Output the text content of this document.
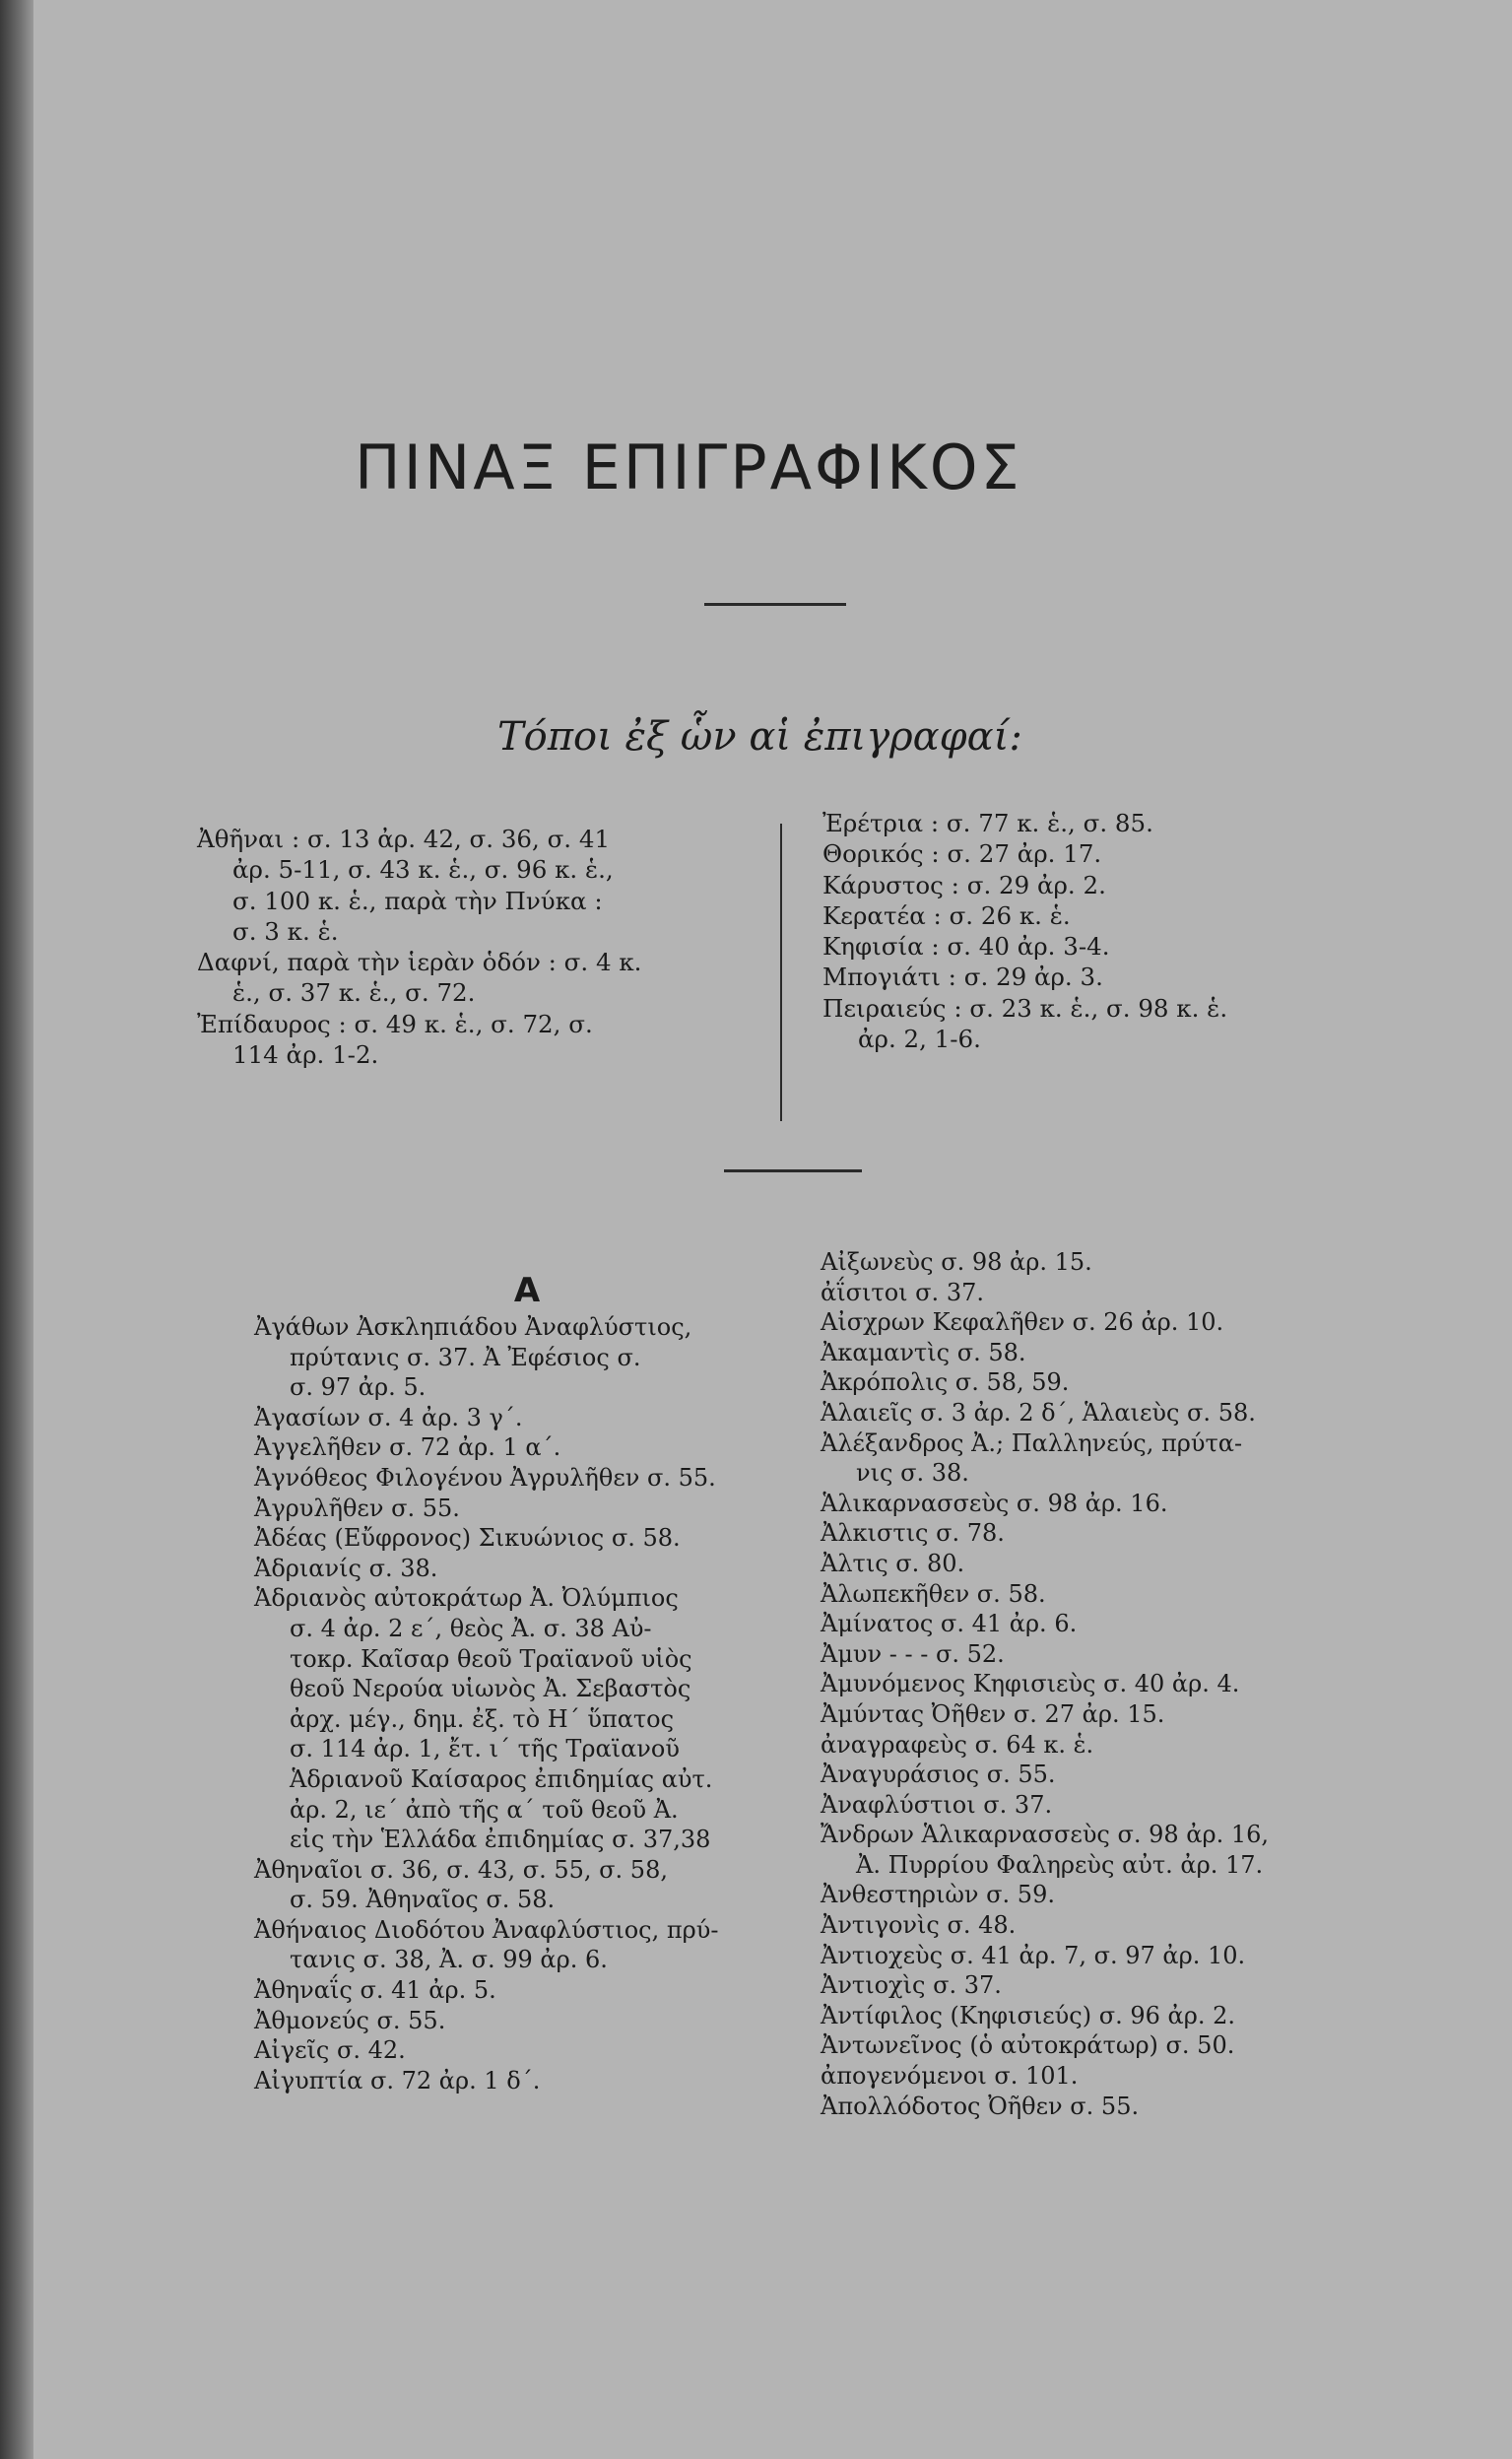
ΠΙΝΑΞ ΕΠΙΓΡΑΦΙΚΟΣ
Τόποι ἐξ ὧν αἱ ἐπιγραφαί:
Ἀθῆναι : σ. 13 ἀρ. 42, σ. 36, σ. 41
ἀρ. 5-11, σ. 43 κ. ἑ., σ. 96 κ. ἑ.,
σ. 100 κ. ἑ., παρὰ τὴν Πνύκα :
σ. 3 κ. ἑ.
Δαφνί, παρὰ τὴν ἱερὰν ὁδόν : σ. 4 κ.
ἑ., σ. 37 κ. ἑ., σ. 72.
Ἐπίδαυρος : σ. 49 κ. ἑ., σ. 72, σ.
114 ἀρ. 1-2.
Ἐρέτρια : σ. 77 κ. ἑ., σ. 85.
Θορικός : σ. 27 ἀρ. 17.
Κάρυστος : σ. 29 ἀρ. 2.
Κερατέα : σ. 26 κ. ἑ.
Κηφισία : σ. 40 ἀρ. 3-4.
Μπογιάτι : σ. 29 ἀρ. 3.
Πειραιεύς : σ. 23 κ. ἑ., σ. 98 κ. ἑ.
ἀρ. 2, 1-6.
Α
Ἀγάθων Ἀσκληπιάδου Ἀναφλύστιος,
πρύτανις σ. 37. Ἀ Ἐφέσιος σ.
σ. 97 ἀρ. 5.
Ἀγασίων σ. 4 ἀρ. 3 γ΄.
Ἀγγελῆθεν σ. 72 ἀρ. 1 α΄.
Ἁγνόθεος Φιλογένου Ἀγρυλῆθεν σ. 55.
Ἀγρυλῆθεν σ. 55.
Ἀδέας (Εὔφρονος) Σικυώνιος σ. 58.
Ἁδριανίς σ. 38.
Ἁδριανὸς αὐτοκράτωρ Ἀ. Ὀλύμπιος
σ. 4 ἀρ. 2 ε΄, θεὸς Ἀ. σ. 38 Αὐ-
τοκρ. Καῖσαρ θεοῦ Τραϊανοῦ υἱὸς
θεοῦ Νερούα υἱωνὸς Ἀ. Σεβαστὸς
ἀρχ. μέγ., δημ. ἐξ. τὸ Η΄ ὕπατος
σ. 114 ἀρ. 1, ἔτ. ι΄ τῆς Τραϊανοῦ
Ἁδριανοῦ Καίσαρος ἐπιδημίας αὐτ.
ἀρ. 2, ιε΄ ἀπὸ τῆς α΄ τοῦ θεοῦ Ἀ.
εἰς τὴν Ἑλλάδα ἐπιδημίας σ. 37,38
Ἀθηναῖοι σ. 36, σ. 43, σ. 55, σ. 58,
σ. 59. Ἀθηναῖος σ. 58.
Ἀθήναιος Διοδότου Ἀναφλύστιος, πρύ-
τανις σ. 38, Ἀ. σ. 99 ἀρ. 6.
Ἀθηναΐς σ. 41 ἀρ. 5.
Ἀθμονεύς σ. 55.
Αἰγεῖς σ. 42.
Αἰγυπτία σ. 72 ἀρ. 1 δ΄.
Αἰξωνεὺς σ. 98 ἀρ. 15.
ἀΐσιτοι σ. 37.
Αἰσχρων Κεφαλῆθεν σ. 26 ἀρ. 10.
Ἀκαμαντὶς σ. 58.
Ἀκρόπολις σ. 58, 59.
Ἁλαιεῖς σ. 3 ἀρ. 2 δ΄, Ἁλαιεὺς σ. 58.
Ἀλέξανδρος Ἀ.; Παλληνεύς, πρύτα-
νις σ. 38.
Ἁλικαρνασσεὺς σ. 98 ἀρ. 16.
Ἀλκιστις σ. 78.
Ἀλτις σ. 80.
Ἀλωπεκῆθεν σ. 58.
Ἀμίνατος σ. 41 ἀρ. 6.
Ἀμυν - - - σ. 52.
Ἀμυνόμενος Κηφισιεὺς σ. 40 ἀρ. 4.
Ἀμύντας Ὀῆθεν σ. 27 ἀρ. 15.
ἀναγραφεὺς σ. 64 κ. ἑ.
Ἀναγυράσιος σ. 55.
Ἀναφλύστιοι σ. 37.
Ἄνδρων Ἁλικαρνασσεὺς σ. 98 ἀρ. 16,
Ἀ. Πυρρίου Φαληρεὺς αὐτ. ἀρ. 17.
Ἀνθεστηριὼν σ. 59.
Ἀντιγονὶς σ. 48.
Ἀντιοχεὺς σ. 41 ἀρ. 7, σ. 97 ἀρ. 10.
Ἀντιοχὶς σ. 37.
Ἀντίφιλος (Κηφισιεύς) σ. 96 ἀρ. 2.
Ἀντωνεῖνος (ὁ αὐτοκράτωρ) σ. 50.
ἀπογενόμενοι σ. 101.
Ἀπολλόδοτος Ὀῆθεν σ. 55.
